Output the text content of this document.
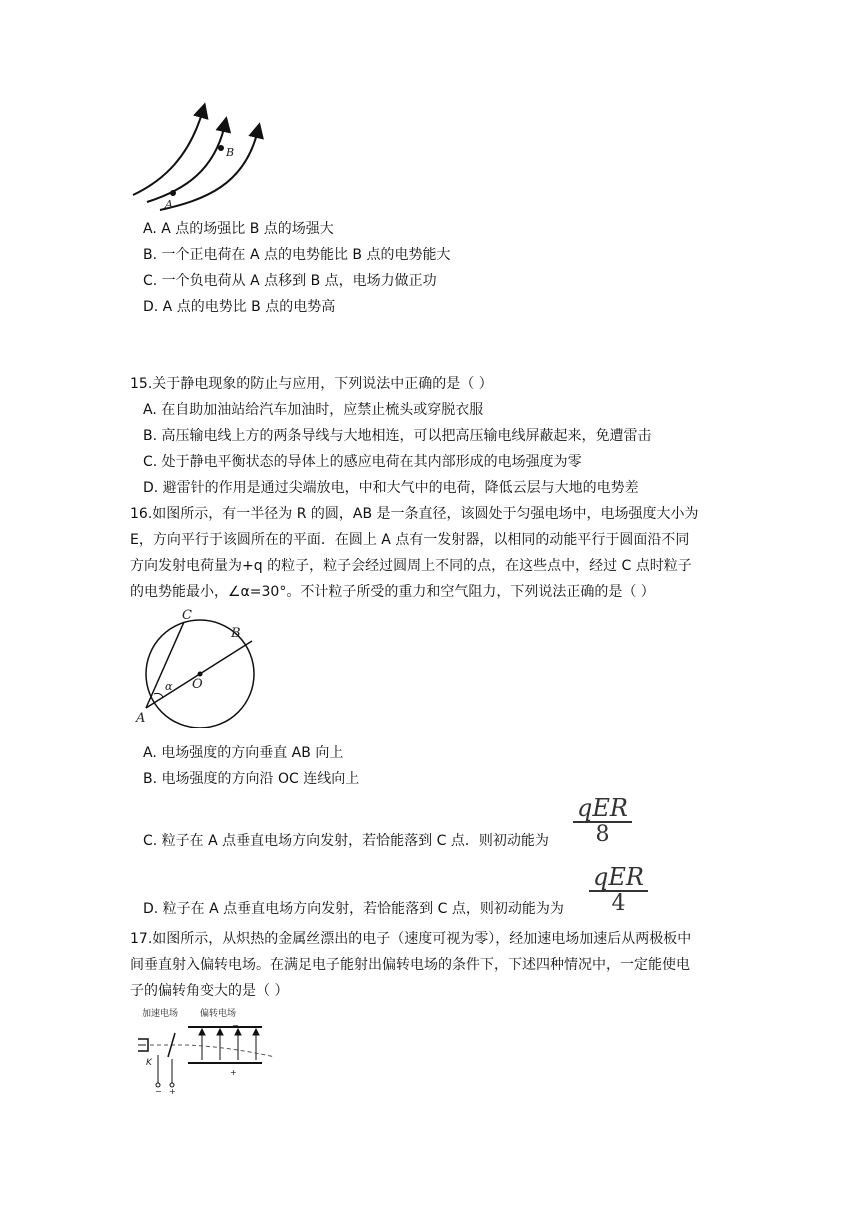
A
B
A. A 点的场强比 B 点的场强大
B. 一个正电荷在 A 点的电势能比 B 点的电势能大
C. 一个负电荷从 A 点移到 B 点，电场力做正功
D. A 点的电势比 B 点的电势高
15.关于静电现象的防止与应用，下列说法中正确的是（ ）
A. 在自助加油站给汽车加油时，应禁止梳头或穿脱衣服
B. 高压输电线上方的两条导线与大地相连，可以把高压输电线屏蔽起来，免遭雷击
C. 处于静电平衡状态的导体上的感应电荷在其内部形成的电场强度为零
D. 避雷针的作用是通过尖端放电，中和大气中的电荷，降低云层与大地的电势差
16.如图所示，有一半径为 R 的圆，AB 是一条直径，该圆处于匀强电场中，电场强度大小为
E，方向平行于该圆所在的平面．在圆上 A 点有一发射器，以相同的动能平行于圆面沿不同
方向发射电荷量为+q 的粒子，粒子会经过圆周上不同的点，在这些点中，经过 C 点时粒子
的电势能最小，∠α=30°。不计粒子所受的重力和空气阻力，下列说法正确的是（ ）
C
B
A
O
α
A. 电场强度的方向垂直 AB 向上
B. 电场强度的方向沿 OC 连线向上
C. 粒子在 A 点垂直电场方向发射，若恰能落到 C 点．则初动能为
qER
8
D. 粒子在 A 点垂直电场方向发射，若恰能落到 C 点，则初动能为为
qER
4
17.如图所示，从炽热的金属丝漂出的电子（速度可视为零），经加速电场加速后从两极板中
间垂直射入偏转电场。在满足电子能射出偏转电场的条件下，下述四种情况中，一定能使电
子的偏转角变大的是（ ）
加速电场 偏转电场
−
+
K
− +
